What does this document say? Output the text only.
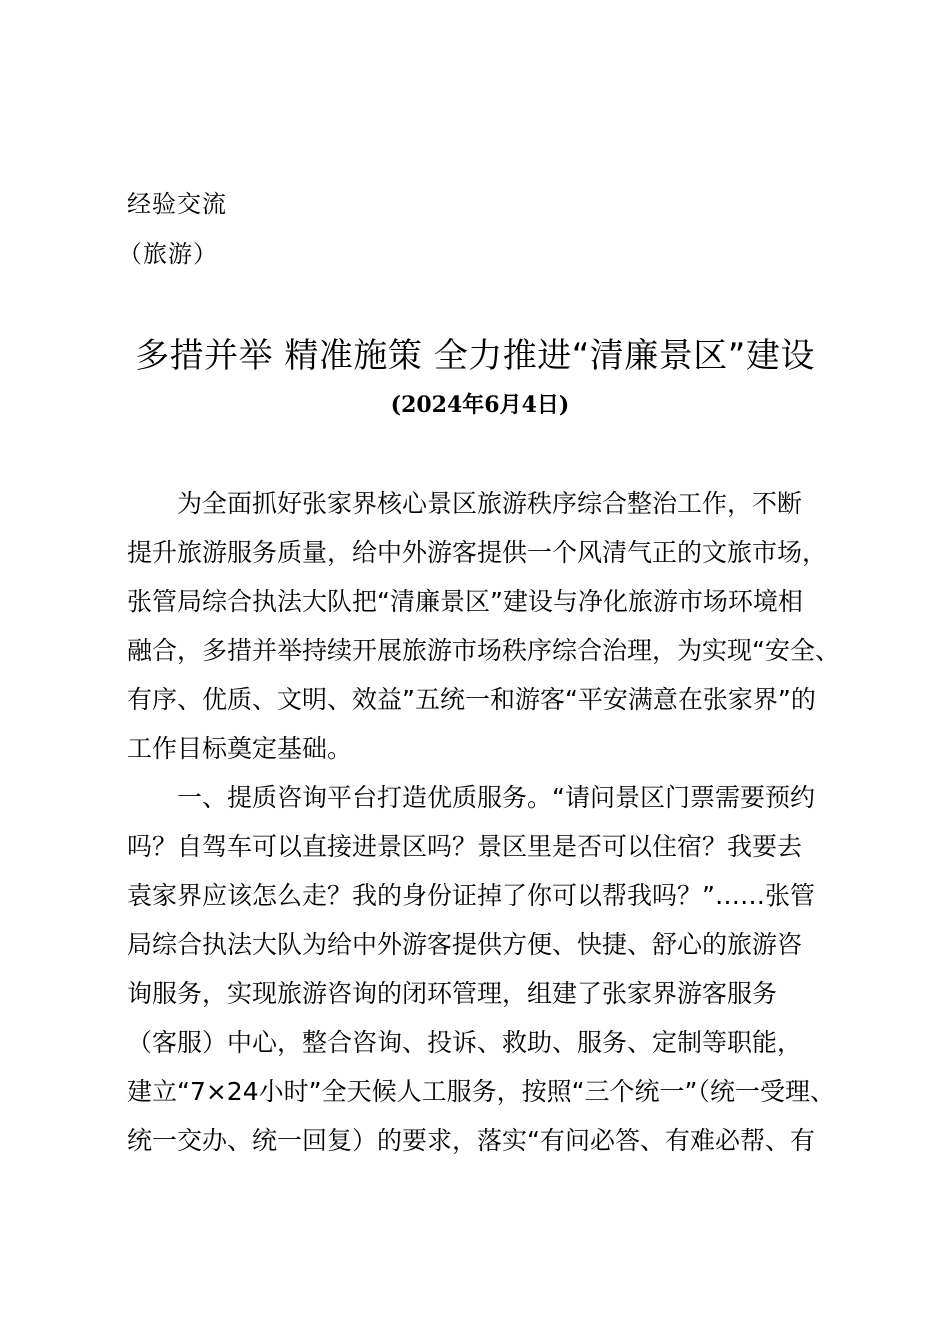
经验交流
（旅游）
多措并举 精准施策 全力推进“清廉景区”建设
(2024年6月4日)
为全面抓好张家界核心景区旅游秩序综合整治工作，不断
提升旅游服务质量，给中外游客提供一个风清气正的文旅市场，
张管局综合执法大队把“清廉景区”建设与净化旅游市场环境相
融合，多措并举持续开展旅游市场秩序综合治理，为实现“安全、
有序、优质、文明、效益”五统一和游客“平安满意在张家界”的
工作目标奠定基础。
一、提质咨询平台打造优质服务。“请问景区门票需要预约
吗？自驾车可以直接进景区吗？景区里是否可以住宿？我要去
袁家界应该怎么走？我的身份证掉了你可以帮我吗？”……张管
局综合执法大队为给中外游客提供方便、快捷、舒心的旅游咨
询服务，实现旅游咨询的闭环管理，组建了张家界游客服务
（客服）中心，整合咨询、投诉、救助、服务、定制等职能，
建立“7×24小时”全天候人工服务，按照“三个统一”（统一受理、
统一交办、统一回复）的要求，落实“有问必答、有难必帮、有
